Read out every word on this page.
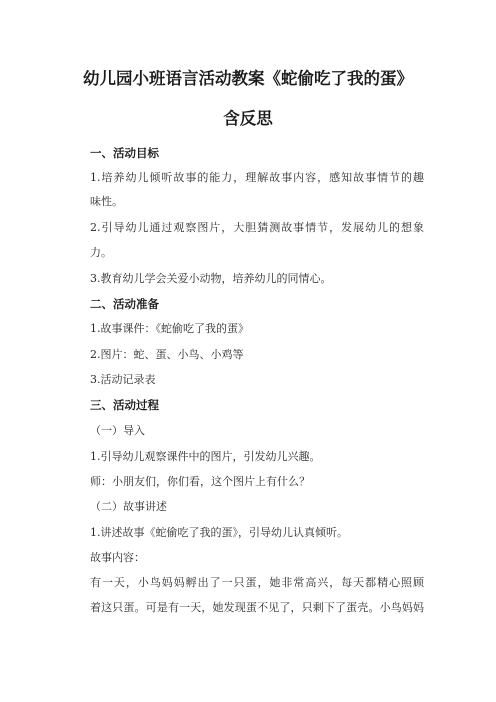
幼儿园小班语言活动教案《蛇偷吃了我的蛋》
含反思
一、活动目标
1.培养幼儿倾听故事的能力，理解故事内容，感知故事情节的趣
味性。
2.引导幼儿通过观察图片，大胆猜测故事情节，发展幼儿的想象
力。
3.教育幼儿学会关爱小动物，培养幼儿的同情心。
二、活动准备
1.故事课件：《蛇偷吃了我的蛋》
2.图片：蛇、蛋、小鸟、小鸡等
3.活动记录表
三、活动过程
（一）导入
1.引导幼儿观察课件中的图片，引发幼儿兴趣。
师：小朋友们，你们看，这个图片上有什么？
（二）故事讲述
1.讲述故事《蛇偷吃了我的蛋》，引导幼儿认真倾听。
故事内容：
有一天，小鸟妈妈孵出了一只蛋，她非常高兴，每天都精心照顾
着这只蛋。可是有一天，她发现蛋不见了，只剩下了蛋壳。小鸟妈妈
